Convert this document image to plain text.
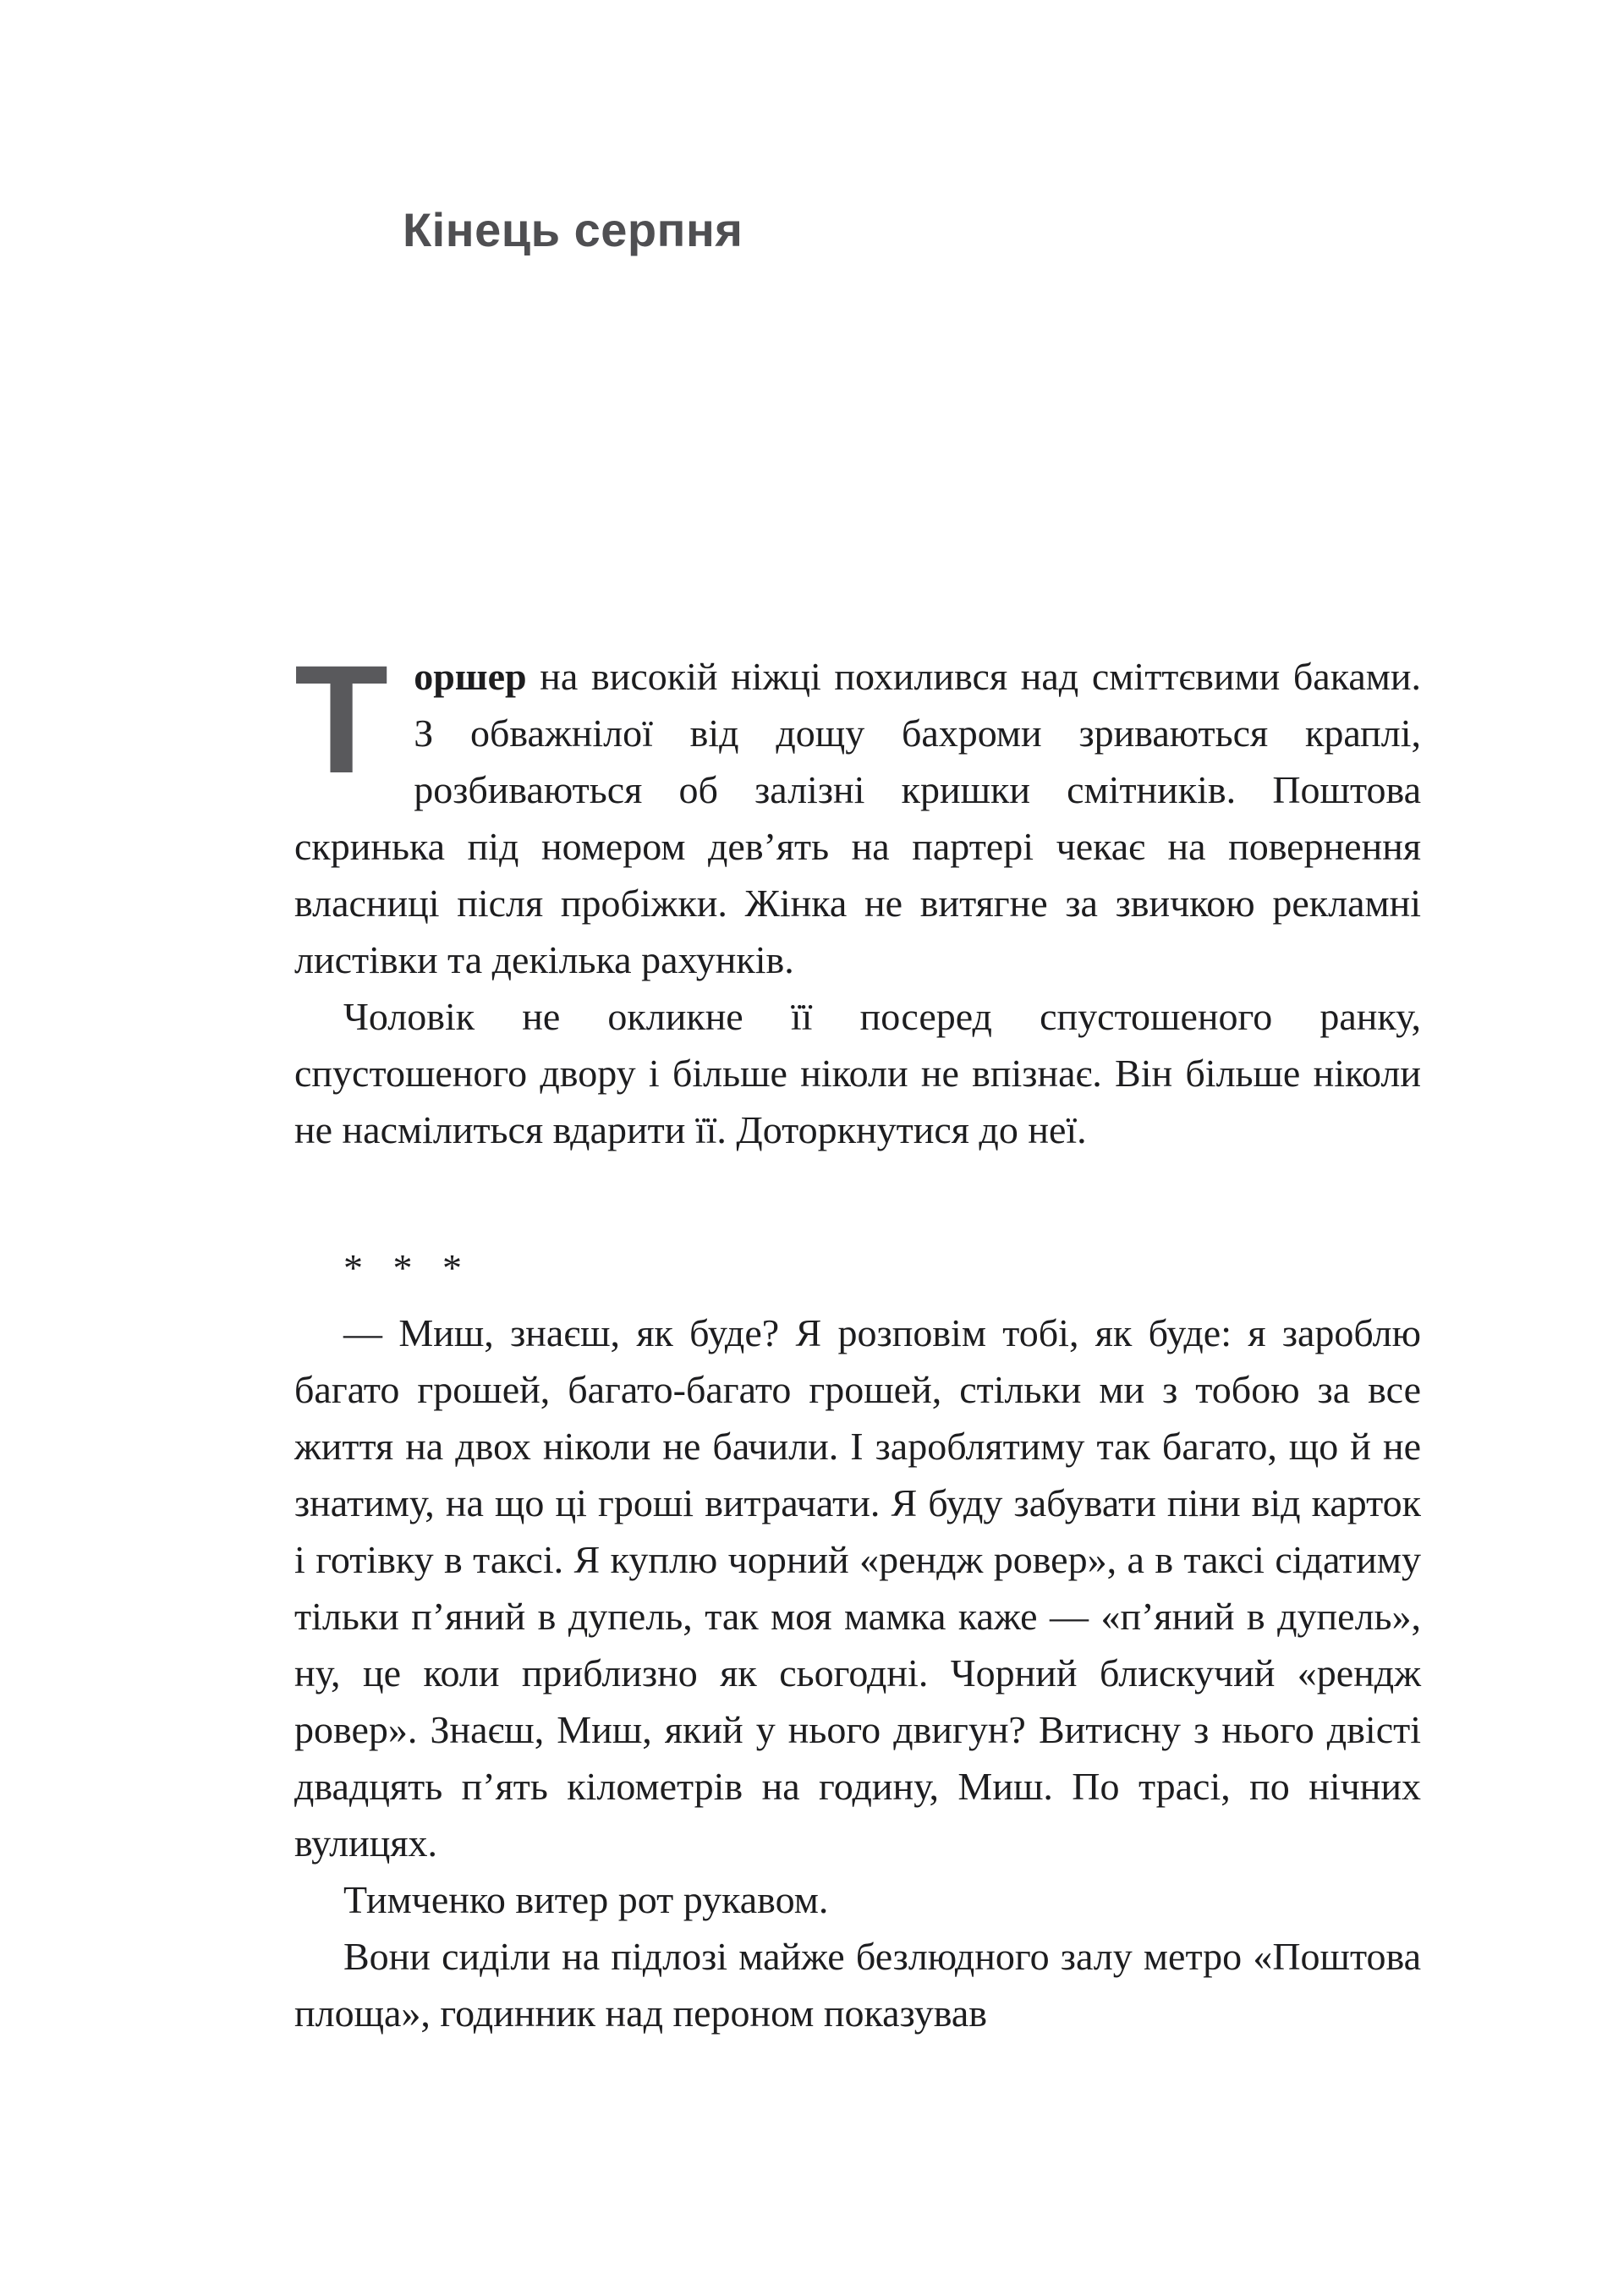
Кінець серпня

Торшер на високій ніжці похилився над сміттєвими баками. З обважнілої від дощу бахроми зриваються краплі, розбиваються об залізні кришки смітників. Поштова скринька під номером дев’ять на партері чекає на повернення власниці після пробіжки. Жінка не витягне за звичкою рекламні листівки та декілька рахунків.

Чоловік не окликне її посеред спустошеного ранку, спустошеного двору і більше ніколи не впізнає. Він більше ніколи не насмілиться вдарити її. Доторкнутися до неї.

* * *

— Миш, знаєш, як буде? Я розповім тобі, як буде: я зароблю багато грошей, багато-багато грошей, стільки ми з тобою за все життя на двох ніколи не бачили. І зароблятиму так багато, що й не знатиму, на що ці гроші витрачати. Я буду забувати піни від карток і готівку в таксі. Я куплю чорний «рендж ровер», а в таксі сідатиму тільки п’яний в дупель, так моя мамка каже — «п’яний в дупель», ну, це коли приблизно як сьогодні. Чорний блискучий «рендж ровер». Знаєш, Миш, який у нього двигун? Витисну з нього двісті двадцять п’ять кілометрів на годину, Миш. По трасі, по нічних вулицях.

Тимченко витер рот рукавом.

Вони сиділи на підлозі майже безлюдного залу метро «Поштова площа», годинник над пероном показував
